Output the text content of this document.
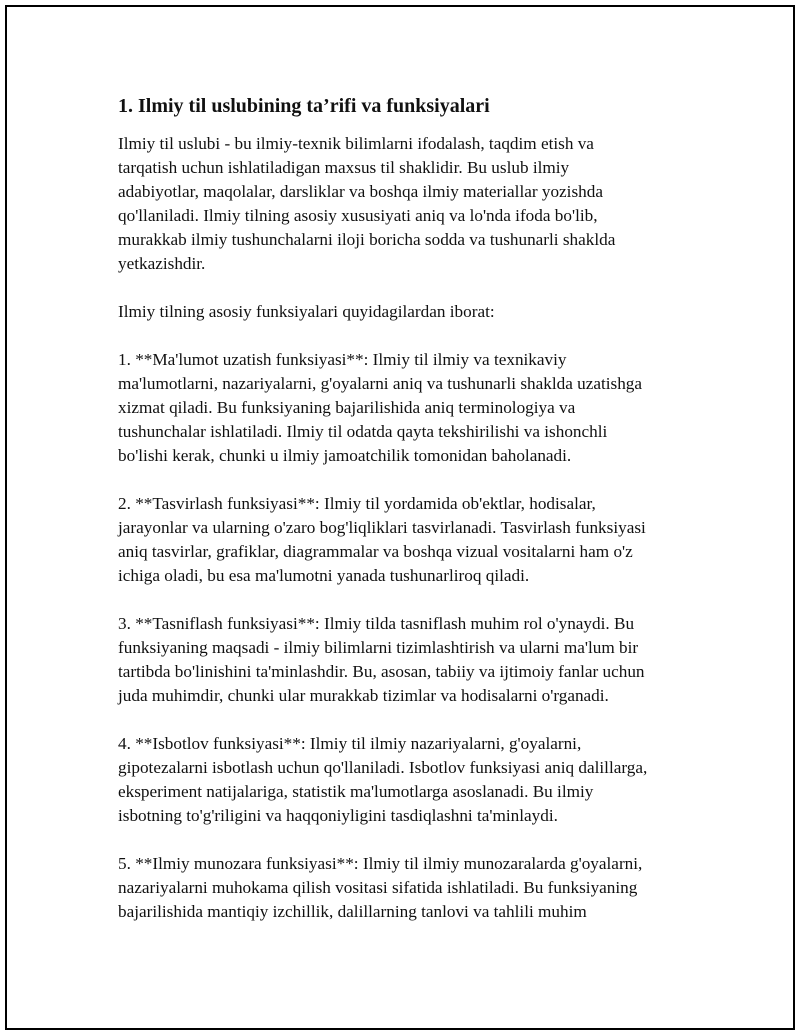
1. Ilmiy til uslubining ta’rifi va funksiyalari
Ilmiy til uslubi - bu ilmiy-texnik bilimlarni ifodalash, taqdim etish va
tarqatish uchun ishlatiladigan maxsus til shaklidir. Bu uslub ilmiy
adabiyotlar, maqolalar, darsliklar va boshqa ilmiy materiallar yozishda
qo'llaniladi. Ilmiy tilning asosiy xususiyati aniq va lo'nda ifoda bo'lib,
murakkab ilmiy tushunchalarni iloji boricha sodda va tushunarli shaklda
yetkazishdir.
Ilmiy tilning asosiy funksiyalari quyidagilardan iborat:
1. **Ma'lumot uzatish funksiyasi**: Ilmiy til ilmiy va texnikaviy
ma'lumotlarni, nazariyalarni, g'oyalarni aniq va tushunarli shaklda uzatishga
xizmat qiladi. Bu funksiyaning bajarilishida aniq terminologiya va
tushunchalar ishlatiladi. Ilmiy til odatda qayta tekshirilishi va ishonchli
bo'lishi kerak, chunki u ilmiy jamoatchilik tomonidan baholanadi.
2. **Tasvirlash funksiyasi**: Ilmiy til yordamida ob'ektlar, hodisalar,
jarayonlar va ularning o'zaro bog'liqliklari tasvirlanadi. Tasvirlash funksiyasi
aniq tasvirlar, grafiklar, diagrammalar va boshqa vizual vositalarni ham o'z
ichiga oladi, bu esa ma'lumotni yanada tushunarliroq qiladi.
3. **Tasniflash funksiyasi**: Ilmiy tilda tasniflash muhim rol o'ynaydi. Bu
funksiyaning maqsadi - ilmiy bilimlarni tizimlashtirish va ularni ma'lum bir
tartibda bo'linishini ta'minlashdir. Bu, asosan, tabiiy va ijtimoiy fanlar uchun
juda muhimdir, chunki ular murakkab tizimlar va hodisalarni o'rganadi.
4. **Isbotlov funksiyasi**: Ilmiy til ilmiy nazariyalarni, g'oyalarni,
gipotezalarni isbotlash uchun qo'llaniladi. Isbotlov funksiyasi aniq dalillarga,
eksperiment natijalariga, statistik ma'lumotlarga asoslanadi. Bu ilmiy
isbotning to'g'riligini va haqqoniyligini tasdiqlashni ta'minlaydi.
5. **Ilmiy munozara funksiyasi**: Ilmiy til ilmiy munozaralarda g'oyalarni,
nazariyalarni muhokama qilish vositasi sifatida ishlatiladi. Bu funksiyaning
bajarilishida mantiqiy izchillik, dalillarning tanlovi va tahlili muhim
